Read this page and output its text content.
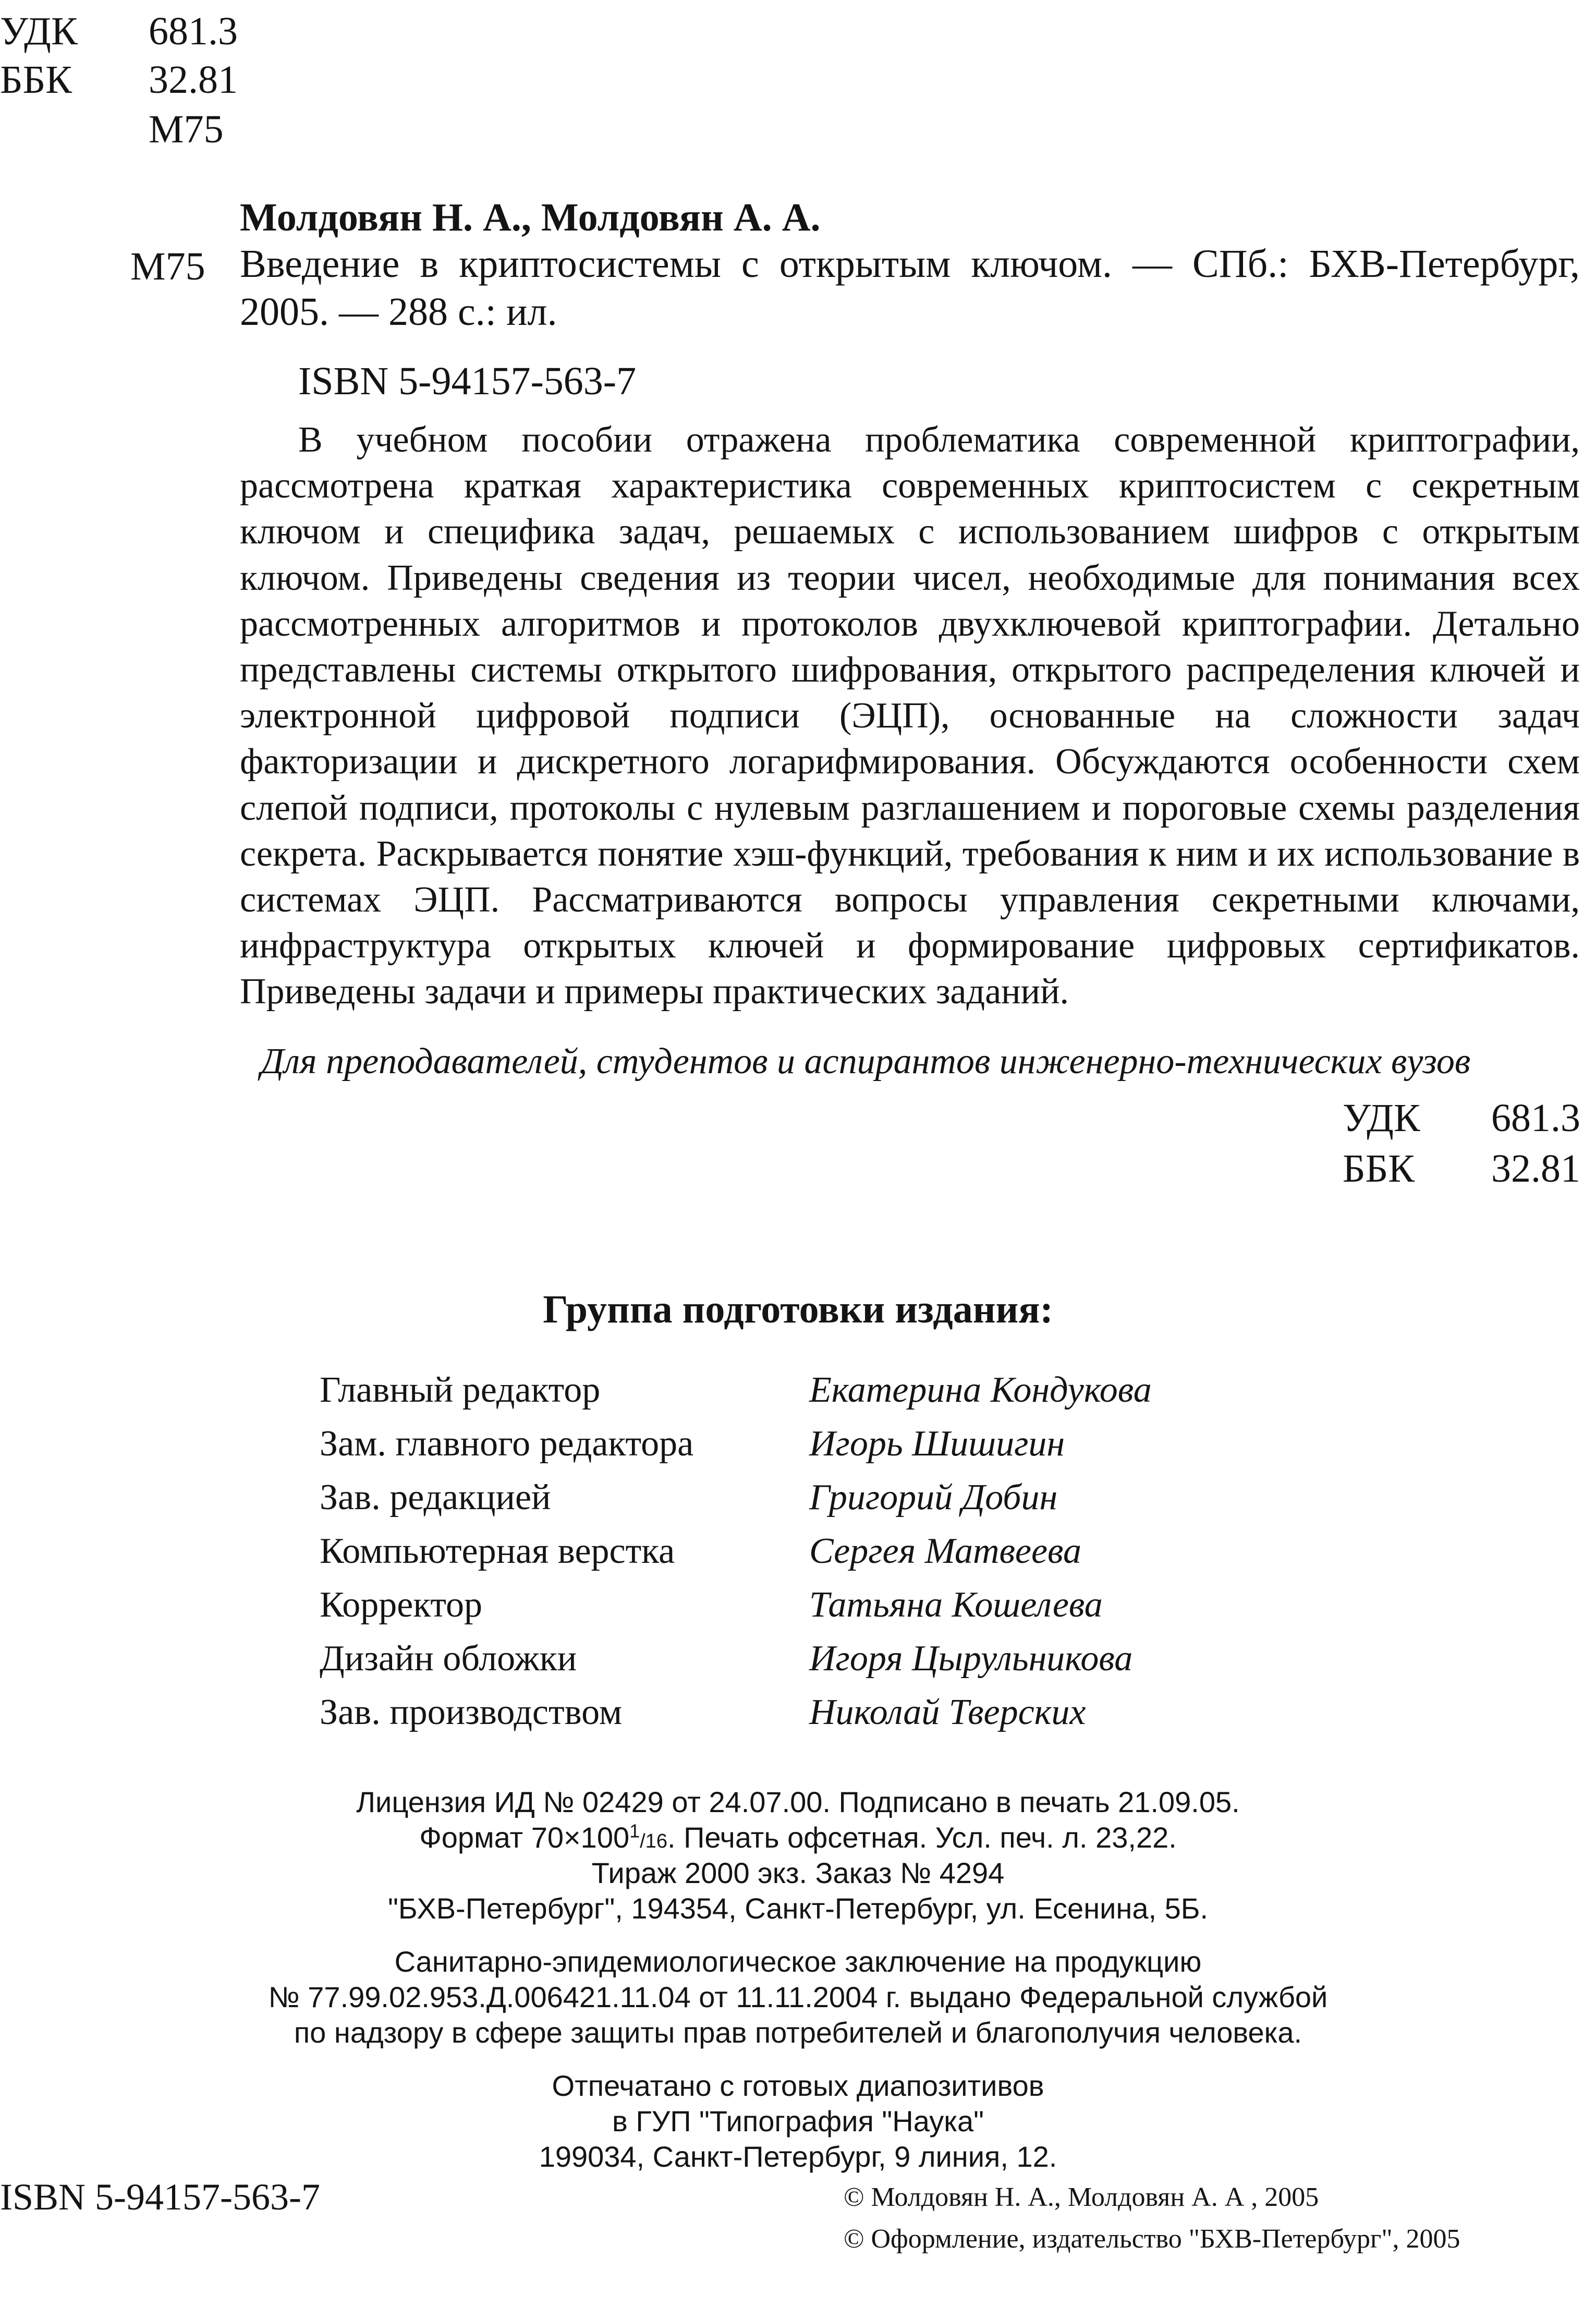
УДК 681.3
ББК 32.81
М75
Молдовян Н. А., Молдовян А. А.
М75 Введение в криптосистемы с открытым ключом. — СПб.: БХВ-Петербург, 2005. — 288 с.: ил.
ISBN 5-94157-563-7

В учебном пособии отражена проблематика современной криптографии, рассмотрена краткая характеристика современных криптосистем с секретным ключом и специфика задач, решаемых с использованием шифров с открытым ключом. Приведены сведения из теории чисел, необходимые для понимания всех рассмотренных алгоритмов и протоколов двухключевой криптографии. Детально представлены системы открытого шифрования, открытого распределения ключей и электронной цифровой подписи (ЭЦП), основанные на сложности задач факторизации и дискретного логарифмирования. Обсуждаются особенности схем слепой подписи, протоколы с нулевым разглашением и пороговые схемы разделения секрета. Раскрывается понятие хэш-функций, требования к ним и их использование в системах ЭЦП. Рассматриваются вопросы управления секретными ключами, инфраструктура открытых ключей и формирование цифровых сертификатов. Приведены задачи и примеры практических заданий.

Для преподавателей, студентов и аспирантов инженерно-технических вузов
УДК 681.3
ББК 32.81
Группа подготовки издания:
Главный редактор	Екатерина Кондукова
Зам. главного редактора	Игорь Шишигин
Зав. редакцией	Григорий Добин
Компьютерная верстка	Сергея Матвеева
Корректор	Татьяна Кошелева
Дизайн обложки	Игоря Цырульникова
Зав. производством	Николай Тверских
Лицензия ИД № 02429 от 24.07.00. Подписано в печать 21.09.05.
Формат $70\times 100^1/16$. Печать офсетная. Усл. печ. л. 23,22.
Тираж 2000 экз. Заказ № 4294
"БХВ-Петербург", 194354, Санкт-Петербург, ул. Есенина, 5Б.
Санитарно-эпидемиологическое заключение на продукцию
№ 77.99.02.953.Д.006421.11.04 от 11.11.2004 г. выдано Федеральной службой
по надзору в сфере защиты прав потребителей и благополучия человека.
Отпечатано с готовых диапозитивов
в ГУП "Типография "Наука"
199034, Санкт-Петербург, 9 линия, 12.
ISBN 5-94157-563-7	© Молдовян Н. А., Молдовян А. А , 2005
© Оформление, издательство "БХВ-Петербург", 2005
